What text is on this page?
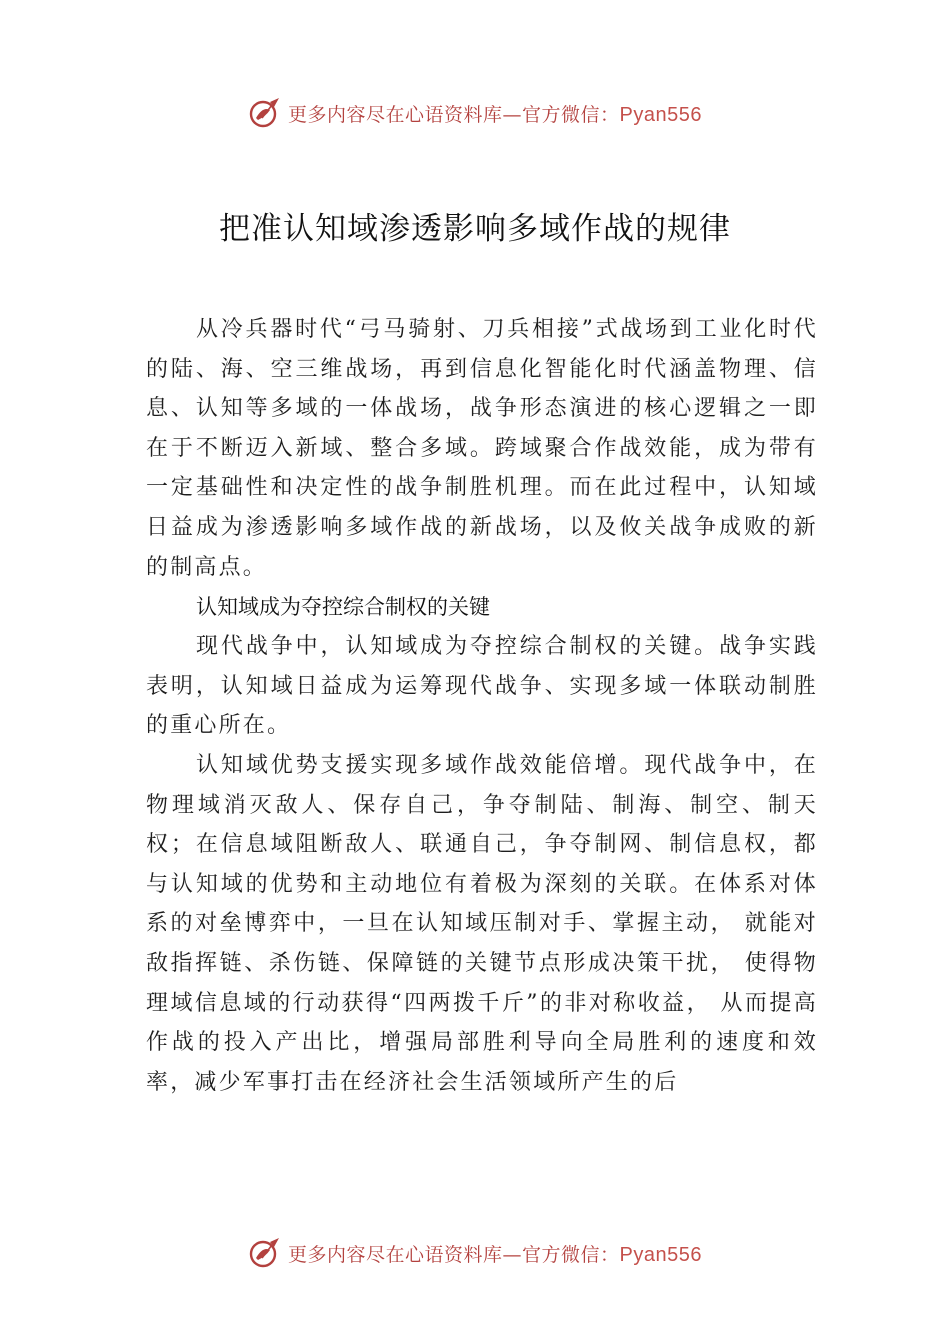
更多内容尽在心语资料库—官方微信：Pyan556
把准认知域渗透影响多域作战的规律

从冷兵器时代“弓马骑射、刀兵相接”式战场到工业化时代的陆、海、空三维战场，再到信息化智能化时代涵盖物理、信息、认知等多域的一体战场，战争形态演进的核心逻辑之一即在于不断迈入新域、整合多域。跨域聚合作战效能，成为带有一定基础性和决定性的战争制胜机理。而在此过程中，认知域日益成为渗透影响多域作战的新战场，以及攸关战争成败的新的制高点。

认知域成为夺控综合制权的关键

现代战争中，认知域成为夺控综合制权的关键。战争实践表明，认知域日益成为运筹现代战争、实现多域一体联动制胜的重心所在。

认知域优势支援实现多域作战效能倍增。现代战争中，在物理域消灭敌人、保存自己，争夺制陆、制海、制空、制天权；在信息域阻断敌人、联通自己，争夺制网、制信息权，都与认知域的优势和主动地位有着极为深刻的关联。在体系对体系的对垒博弈中，一旦在认知域压制对手、掌握主动， 就能对敌指挥链、杀伤链、保障链的关键节点形成决策干扰， 使得物理域信息域的行动获得“四两拨千斤”的非对称收益， 从而提高作战的投入产出比，增强局部胜利导向全局胜利的速度和效率，减少军事打击在经济社会生活领域所产生的后

更多内容尽在心语资料库—官方微信：Pyan556
